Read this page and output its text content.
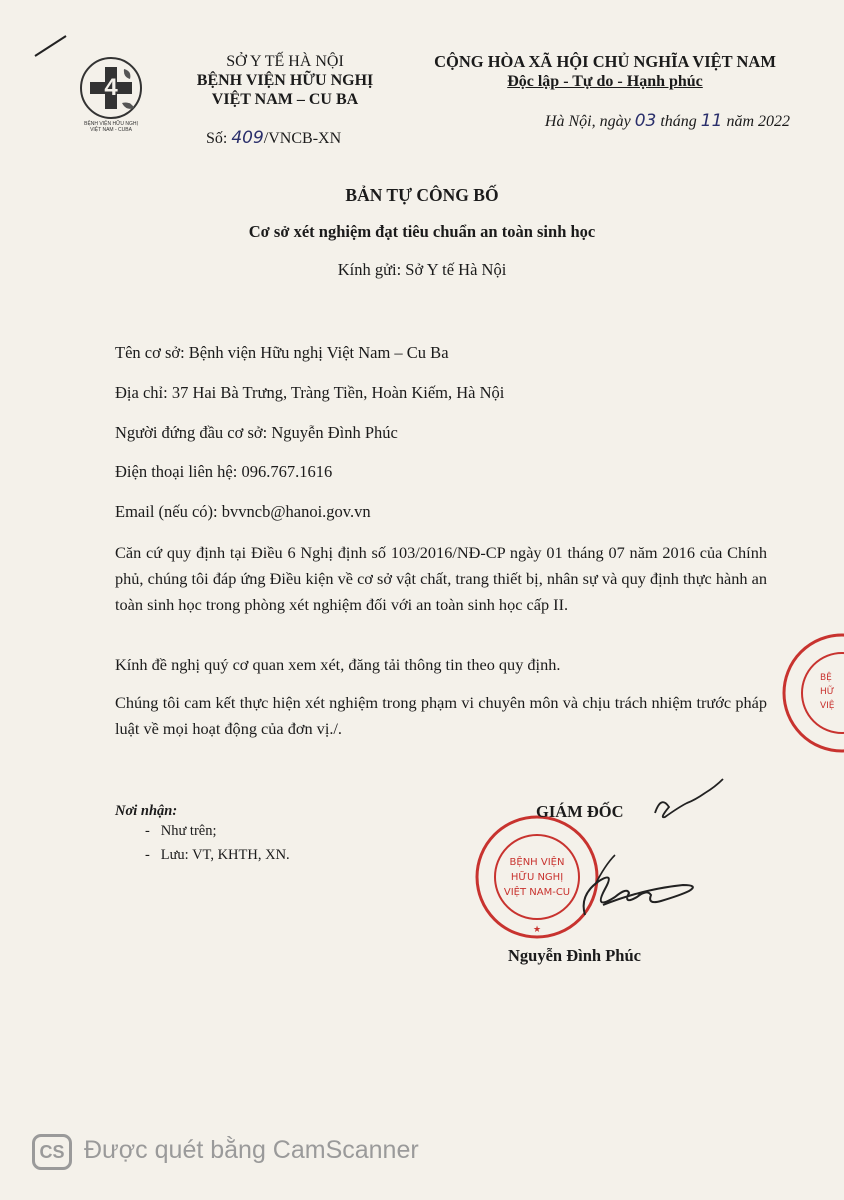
4
BỆNH VIỆN HỮU NGHỊ
VIỆT NAM - CUBA
SỞ Y TẾ HÀ NỘI
BỆNH VIỆN HỮU NGHỊ
VIỆT NAM – CU BA
Số: 409/VNCB-XN
CỘNG HÒA XÃ HỘI CHỦ NGHĨA VIỆT NAM
Độc lập - Tự do - Hạnh phúc
Hà Nội, ngày 03 tháng 11 năm 2022
BẢN TỰ CÔNG BỐ
Cơ sở xét nghiệm đạt tiêu chuẩn an toàn sinh học
Kính gửi: Sở Y tế Hà Nội
Tên cơ sở: Bệnh viện Hữu nghị Việt Nam – Cu Ba
Địa chỉ: 37 Hai Bà Trưng, Tràng Tiền, Hoàn Kiếm, Hà Nội
Người đứng đầu cơ sở: Nguyễn Đình Phúc
Điện thoại liên hệ: 096.767.1616
Email (nếu có): bvvncb@hanoi.gov.vn
Căn cứ quy định tại Điều 6 Nghị định số 103/2016/NĐ-CP ngày 01 tháng 07 năm 2016 của Chính phủ, chúng tôi đáp ứng Điều kiện về cơ sở vật chất, trang thiết bị, nhân sự và quy định thực hành an toàn sinh học trong phòng xét nghiệm đối với an toàn sinh học cấp II.
Kính đề nghị quý cơ quan xem xét, đăng tải thông tin theo quy định.
Chúng tôi cam kết thực hiện xét nghiệm trong phạm vi chuyên môn và chịu trách nhiệm trước pháp luật về mọi hoạt động của đơn vị./.
Nơi nhận:
-   Như trên;
-   Lưu: VT, KHTH, XN.	BỆNH VIỆN
HỮU NGHỊ
VIỆT NAM-CU
★
BỆ
HỮ
VIỆ
GIÁM ĐỐC
Nguyễn Đình Phúc
CS Được quét bằng CamScanner
